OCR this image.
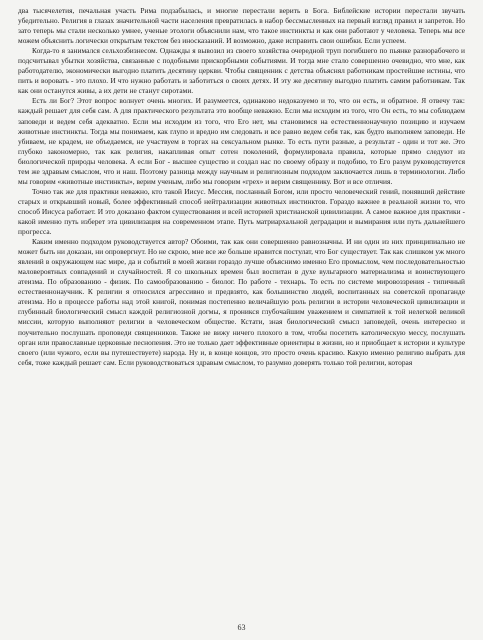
два тысячелетия, печальная участь Рима подзабылась, и многие перестали верить в Бога. Библейские истории перестали звучать убедительно. Религия в глазах значительной части населения превратилась в набор бессмысленных на первый взгляд правил и запретов. Но зато теперь мы стали несколько умнее, ученые этологи объяснили нам, что такое инстинкты и как они работают у человека. Теперь мы все можем объяснить логически открытым текстом без иносказаний. И возможно, даже исправить свои ошибки. Если успеем.

Когда-то я занимался сельхозбизнесом. Однажды я вывозил из своего хозяйства очередной труп погибшего по пьянке разнорабочего и подсчитывал убытки хозяйства, связанные с подобными прискорбными событиями. И тогда мне стало совершенно очевидно, что мне, как работодателю, экономически выгодно платить десятину церкви. Чтобы священник с детства объяснял работникам простейшие истины, что пить и воровать - это плохо. И что нужно работать и заботиться о своих детях. И эту же десятину выгодно платить самим работникам. Так как они останутся живы, а их дети не станут сиротами.

Есть ли Бог? Этот вопрос волнует очень многих. И разумеется, одинаково недоказуемо и то, что он есть, и обратное. Я отвечу так: каждый решает для себя сам. А для практического результата это вообще неважно. Если мы исходим из того, что Он есть, то мы соблюдаем заповеди и ведем себя адекватно. Если мы исходим из того, что Его нет, мы становимся на естественнонаучную позицию и изучаем животные инстинкты. Тогда мы понимаем, как глупо и вредно им следовать и все равно ведем себя так, как будто выполняем заповеди. Не убиваем, не крадем, не объедаемся, не участвуем в торгах на сексуальном рынке. То есть пути разные, а результат - один и тот же. Это глубоко закономерно, так как религия, накапливая опыт сотен поколений, формулировала правила, которые прямо следуют из биологической природы человека. А если Бог - высшее существо и создал нас по своему образу и подобию, то Его разум руководствуется тем же здравым смыслом, что и наш. Поэтому разница между научным и религиозным подходом заключается лишь в терминологии. Либо мы говорим «животные инстинкты», верим ученым, либо мы говорим «грех» и верим священнику. Вот и все отличия.

Точно так же для практики неважно, кто такой Иисус. Мессия, посланный Богом, или просто человеческий гений, понявший действие старых и открывший новый, более эффективный способ нейтрализации животных инстинктов. Гораздо важнее в реальной жизни то, что способ Иисуса работает. И это доказано фактом существования и всей историей христианской цивилизации. А самое важное для практики - какой именно путь изберет эта цивилизация на современном этапе. Путь матриархальной деградации и вымирания или путь дальнейшего прогресса.

Каким именно подходом руководствуется автор? Обоими, так как они совершенно равнозначны. И ни один из них принципиально не может быть ни доказан, ни опровергнут. Но не скрою, мне все же больше нравится постулат, что Бог существует. Так как слишком уж много явлений в окружающем нас мире, да и событий в моей жизни гораздо лучше объяснимо именно Его промыслом, чем последовательностью маловероятных совпадений и случайностей. Я со школьных времен был воспитан в духе вульгарного материализма и воинствующего атеизма. По образованию - физик. По самообразованию - биолог. По работе - технарь. То есть по системе мировоззрения - типичный естественнонаучник. К религии я относился агрессивно и предвзято, как большинство людей, воспитанных на советской пропаганде атеизма. Но в процессе работы над этой книгой, понимая постепенно величайшую роль религии в истории человеческой цивилизации и глубинный биологический смысл каждой религиозной догмы, я проникся глубочайшим уважением и симпатией к той нелегкой великой миссии, которую выполняют религии в человеческом обществе. Кстати, зная биологический смысл заповедей, очень интересно и поучительно послушать проповеди священников. Также не вижу ничего плохого в том, чтобы посетить католическую мессу, послушать орган или православные церковные песнопения. Это не только дает эффективные ориентиры в жизни, но и приобщает к истории и культуре своего (или чужого, если вы путешествуете) народа. Ну и, в конце концов, это просто очень красиво. Какую именно религию выбрать для себя, тоже каждый решает сам. Если руководствоваться здравым смыслом, то разумно доверять только той религии, которая

63
